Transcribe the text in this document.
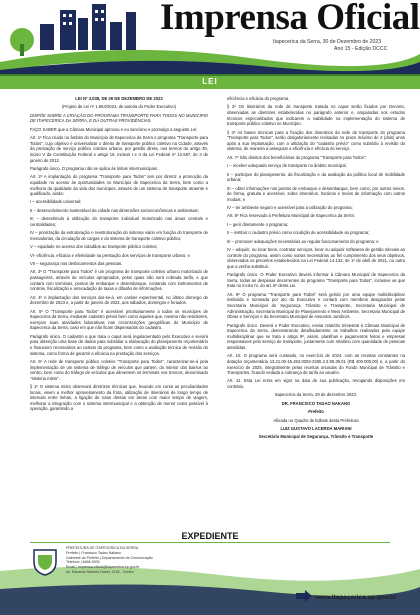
Imprensa Oficial
Itapecerica da Serra, 30 de Dezembro de 2023
Ano 15 - Edição DCCC
LEI

LEI Nº 3.038, DE 29 DE DEZEMBRO DE 2023

(Projeto de Lei nº 1.864/2023, de autoria do Poder Executivo)

DISPÕE SOBRE A CRIAÇÃO DO PROGRAMA TRANSPORTE PARA TODOS NO MUNICÍPIO DE ITAPECERICA DA SERRA, E DÁ OUTRAS PROVIDÊNCIAS.

FAÇO SABER que a Câmara Municipal aprovou e eu sanciono e promulgo a seguinte Lei:

Art. 1º Fica criado no âmbito do Município de Itapecerica da Serra o programa "Transporte para Todos", cujo objetivo é universalizar o direito de transporte público coletivo na Cidade, através da prestação de serviço público coletivo urbano, por gestão direta, nos termos do artigo 30, inciso V da Constituição Federal e artigo 18, incisos I e II da Lei Federal nº 12.587, de 3 de janeiro de 2012.

Parágrafo único. O programa não se aplica às linhas intermunicipais.

Art. 2º A implantação do programa "Transporte para Todos" tem por diretriz a promoção da equidade no acesso às oportunidades no Município de Itapecerica da Serra, bem como a melhoria da qualidade da vida dos munícipes, através de um sistema de transporte atraente e qualificado, ainda:

I – acessibilidade universal;

II – desenvolvimento sustentável da cidade nas dimensões socioeconômicas e ambientais;

III – desestímulo à utilização do transporte individual motorizado nas áreas centrais e centralidades;

IV – priorização da estruturação e reestruturação do sistema viário em função do transporte de mercadorias, da circulação de cargas e do sistema de transporte coletivo público;

V – equidade no acesso dos cidadãos ao transporte público coletivo;

VI- eficiência, eficácia e efetividade na prestação dos serviços de transporte urbano; e

VII – segurança nos deslocamentos das pessoas.

Art. 3º O "Transporte para Todos" é um programa de transporte coletivo urbano motorizado de passageiros, através de veículos apropriados, pelos quais não será cobrada tarifa, e que contará com terminais, pontos de embarque e desembarque, contando com instrumentos de controle, fiscalização e arrecadação de taxas e difusão de informações.

Art. 4º A implantação dos serviços dar-se-á, em caráter experimental, no último domingo de dezembro de 2023 e, a partir de janeiro de 2024, aos sábados, domingos e feriados.

Art. 5º O "Transporte para Todos" é acessível prioritariamente a todos os munícipes de Itapecerica da Serra, mediante cadastro prévio bem como aqueles que, mesmo não residentes, exerçam suas atividades laborativas nas circunscrições geográficas do Município de Itapecerica da Serra, caso em que não ficam dispensados do cadastro.

Parágrafo único. O cadastro a que trata o caput será regulamentado pelo Executivo e servirá para obtenção uma base de dados para subsidiar a elaboração do planejamento orçamentário e financeiro necessários ao custeio do programa, bem como a avaliação técnica de revisão do sistema, como forma de garantir a eficácia na prestação dos serviços.

Art. 6º A rede de transporte público coletivo "Transporte para Todos", caracterizar-se-á pela implementação de um sistema de tráfego de veículos que partem, do interior dos bairros ao centro, bem como do tráfego de veículos que alimentem os terminais nos troncos, denominado "sistema misto".

§ 1º O sistema misto observará diretrizes técnicas que, levando em conta as peculiaridades locais, visem a melhor aproveitamento da frota, utilização de itinerários de longo tempo de intervalo entre linhas, a ligação de rotas diretas em áreas com maior tempo de viagem, melhorar a integração com o sistema intermunicipal e a obtenção de menor custo possível à operação, garantindo a

eficiência e eficácia do programa.

§ 2º Os itinerários da rede de transporte tratada no caput serão fixados por Decreto, observadas as diretrizes estabelecidas no parágrafo anterior e, amparadas nos estudos técnicos especializados que indicarem a viabilidade na implementação do sistema de transporte público coletivo no Município.

§ 3º As bases técnicas para a fixação dos itinerários da rede de transporte do programa "Transporte para Todos", serão obrigatoriamente revisadas no prazo máximo de 2 (dois) anos após a sua implantação, com a utilização do "cadastro prévio" como subsídio à revisão do sistema, de maneira a assegurar a eficiência e eficácia do serviço.

Art. 7º São direitos dos beneficiários do programa "Transporte para Todos":

I – receber adequado serviço de transporte no âmbito municipal;

II – participar do planejamento, da fiscalização e da avaliação da política local de mobilidade urbana;

III – obter informações nos pontos de embarque e desembarque, bem como, por outros meios, de forma, gratuita e acessível, sobre itinerários, horários e meios de informação com outros modais; e

IV – ter ambiente seguro e acessível para a utilização do programa;

Art. 8º Fica reservado à Prefeitura Municipal de Itapecerica da Serra:

I – gerir diretamente o programa;

II – instituir o cadastro prévio como condição de acessibilidade ao programa;

III – promover adequações necessárias ao regular funcionamento do programa; e

IV – adquirir, ou locar bens, contratar serviços, locar ou adquirir softwares de gestão relevais ao controle do programa, assim como outras necessários ao fiel cumprimento dos seus objetivos, observados os preceitos estabelecidos na Lei Federal 14.133, de 1º de abril de 2021, ou outra que a venha substituir.

Parágrafo único. O Poder Executivo deverá informar à Câmara Municipal de Itapecerica da Serra, todas as despesas decorrentes do programa "Transporte para Todos", inclusive as que trata no inciso IV, do art. 8º desta Lei.

Art. 9º O programa "Transporte para Todos" será gerido por uma equipe multidisciplinar instituída e nomeada por ato do Executivo e contará com membros designados pelas Secretaria Municipal de Segurança, Trânsito e Transporte, Secretaria Municipal de Administração, Secretaria Municipal de Planejamento e Meio Ambiente, Secretaria Municipal de Obras e Serviços e da Secretaria Municipal de Assuntos Jurídicos.

Parágrafo único. Deverá o Poder Executivo, enviar relatório trimestral à Câmara Municipal de Itapecerica da Serra, demonstrando detalhadamente os trabalhos realizados pela equipe multidisciplinar que se trata o artigo 9º, assim, planilhas e pagamentos feitos e empresas responsáveis pelo serviço de transporte, juntamente com relatório com quantidade de pessoas atendidas.

Art. 10. O programa será custeado, no exercício de 2024, com as receitas constantes na dotação orçamentária 13.21.00-15.453.0002-2265.3.3.90.39.01 (R$ 400.000,00) e, a partir do exercício de 2025, integralmente pelas receitas oriundas do Fundo Municipal de Trânsito e Transportes, ficando vedada a cobrança de tarifa ao usuário.

Art. 11. Esta Lei entra em vigor na data de sua publicação, revogando disposições em contrário.

Itapecerica da Serra, 29 de dezembro 2023.

DR. FRANCISCO TADAO NAKANO

Prefeito

Afixada no Quadro de Editais desta Prefeitura

LUIZ GUSTAVO LACERDA MARIANI

Secretário Municipal de Segurança, Trânsito e Transporte

EXPEDIENTE
PREFEITURA DE ITAPECERICA DA SERRA
Prefeito | Francisco Tadao Nakano
Gabinete do Prefeito | Departamento de Comunicação
Telefone | 4668-9000
Email | imprensa.oficial@itapecerica.sp.gov.br
Av. Eduardo Roberto Daher, 1135 - Centro
www.itapecerica.sp.gov.br
